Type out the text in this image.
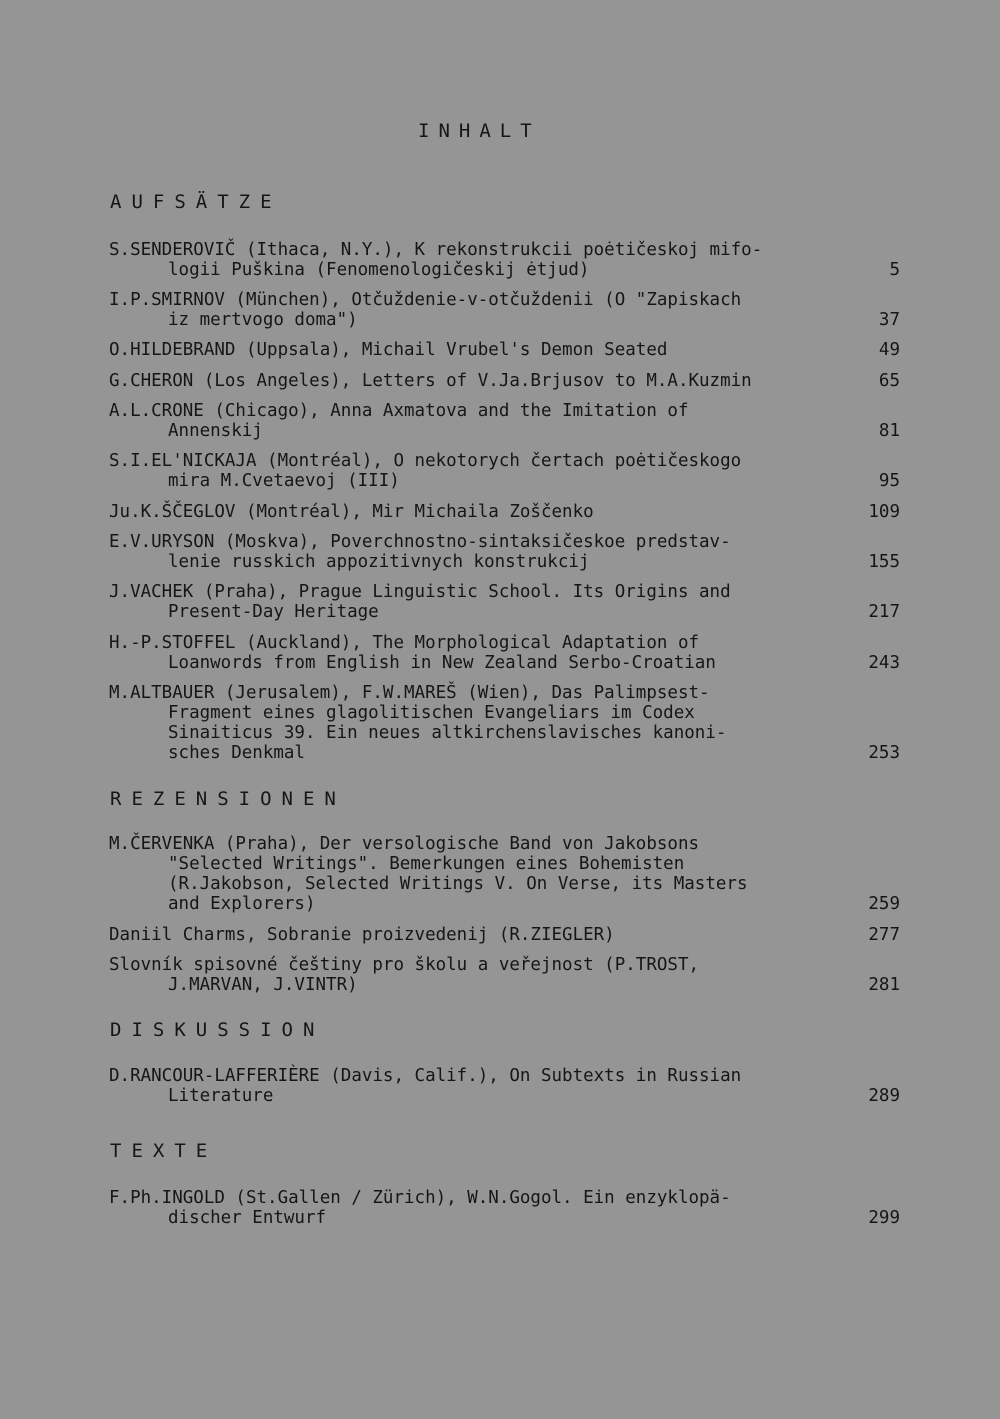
INHALT
AUFSÄTZE
REZENSIONEN
DISKUSSION
TEXTE
S.SENDEROVIČ (Ithaca, N.Y.), K rekonstrukcii poėtičeskoj mifo-
logii Puškina (Fenomenologičeskij ėtjud)	5
I.P.SMIRNOV (München), Otčuždenie-v-otčuždenii (O "Zapiskach
iz mertvogo doma")	37
O.HILDEBRAND (Uppsala), Michail Vrubel's Demon Seated	49
G.CHERON (Los Angeles), Letters of V.Ja.Brjusov to M.A.Kuzmin	65
A.L.CRONE (Chicago), Anna Axmatova and the Imitation of
Annenskij	81
S.I.EL'NICKAJA (Montréal), O nekotorych čertach poėtičeskogo
mira M.Cvetaevoj (III)	95
Ju.K.ŠČEGLOV (Montréal), Mir Michaila Zoščenko	109
E.V.URYSON (Moskva), Poverchnostno-sintaksičeskoe predstav-
lenie russkich appozitivnych konstrukcij	155
J.VACHEK (Praha), Prague Linguistic School. Its Origins and
Present-Day Heritage	217
H.-P.STOFFEL (Auckland), The Morphological Adaptation of
Loanwords from English in New Zealand Serbo-Croatian	243
M.ALTBAUER (Jerusalem), F.W.MAREŠ (Wien), Das Palimpsest-
Fragment eines glagolitischen Evangeliars im Codex
Sinaiticus 39. Ein neues altkirchenslavisches kanoni-
sches Denkmal	253
M.ČERVENKA (Praha), Der versologische Band von Jakobsons
"Selected Writings". Bemerkungen eines Bohemisten
(R.Jakobson, Selected Writings V. On Verse, its Masters
and Explorers)	259
Daniil Charms, Sobranie proizvedenij (R.ZIEGLER)	277
Slovník spisovné češtiny pro školu a veřejnost (P.TROST,
J.MARVAN, J.VINTR)	281
D.RANCOUR-LAFFERIÈRE (Davis, Calif.), On Subtexts in Russian
Literature	289
F.Ph.INGOLD (St.Gallen / Zürich), W.N.Gogol. Ein enzyklopä-
discher Entwurf	299
